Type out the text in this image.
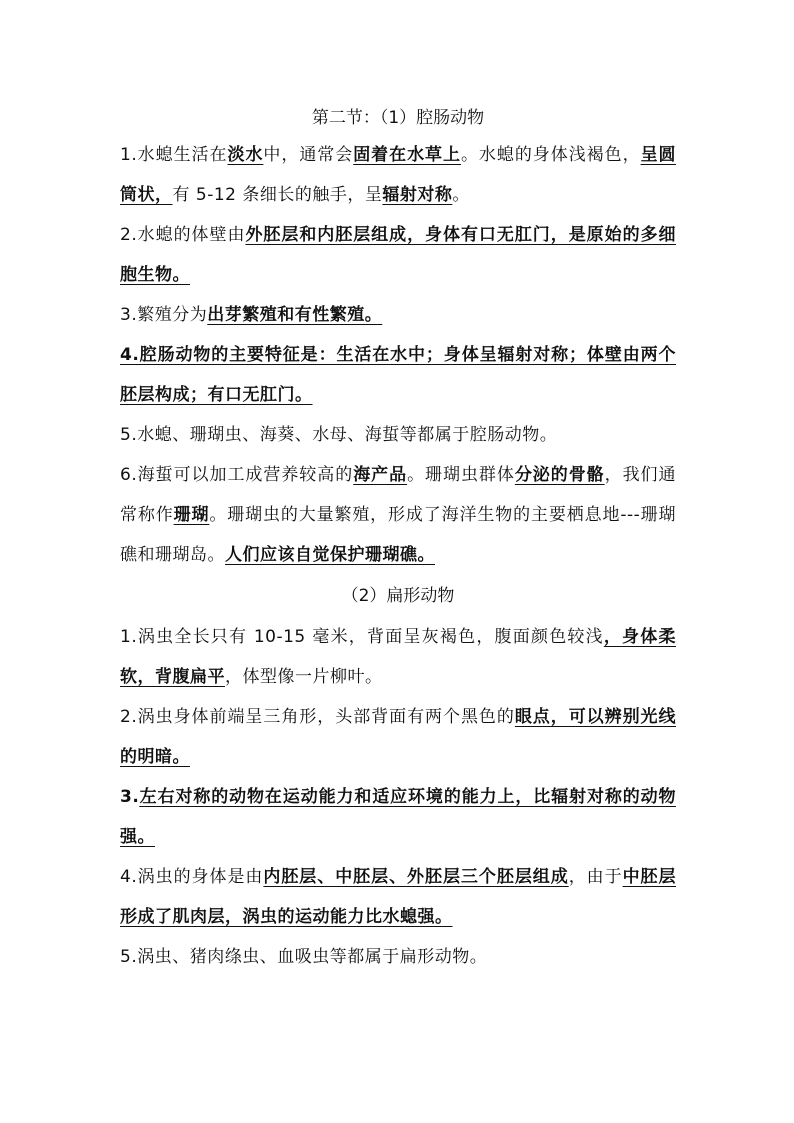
第二节：（1）腔肠动物

1.水螅生活在淡水中，通常会固着在水草上。水螅的身体浅褐色，呈圆筒状，有 5-12 条细长的触手，呈辐射对称。

2.水螅的体壁由外胚层和内胚层组成，身体有口无肛门，是原始的多细胞生物。

3.繁殖分为出芽繁殖和有性繁殖。

4.腔肠动物的主要特征是：生活在水中；身体呈辐射对称；体壁由两个胚层构成；有口无肛门。

5.水螅、珊瑚虫、海葵、水母、海蜇等都属于腔肠动物。

6.海蜇可以加工成营养较高的海产品。珊瑚虫群体分泌的骨骼，我们通常称作珊瑚。珊瑚虫的大量繁殖，形成了海洋生物的主要栖息地---珊瑚礁和珊瑚岛。人们应该自觉保护珊瑚礁。

（2）扁形动物

1.涡虫全长只有 10-15 毫米，背面呈灰褐色，腹面颜色较浅，身体柔软，背腹扁平，体型像一片柳叶。

2.涡虫身体前端呈三角形，头部背面有两个黑色的眼点，可以辨别光线的明暗。

3.左右对称的动物在运动能力和适应环境的能力上，比辐射对称的动物强。

4.涡虫的身体是由内胚层、中胚层、外胚层三个胚层组成，由于中胚层形成了肌肉层，涡虫的运动能力比水螅强。

5.涡虫、猪肉绦虫、血吸虫等都属于扁形动物。
